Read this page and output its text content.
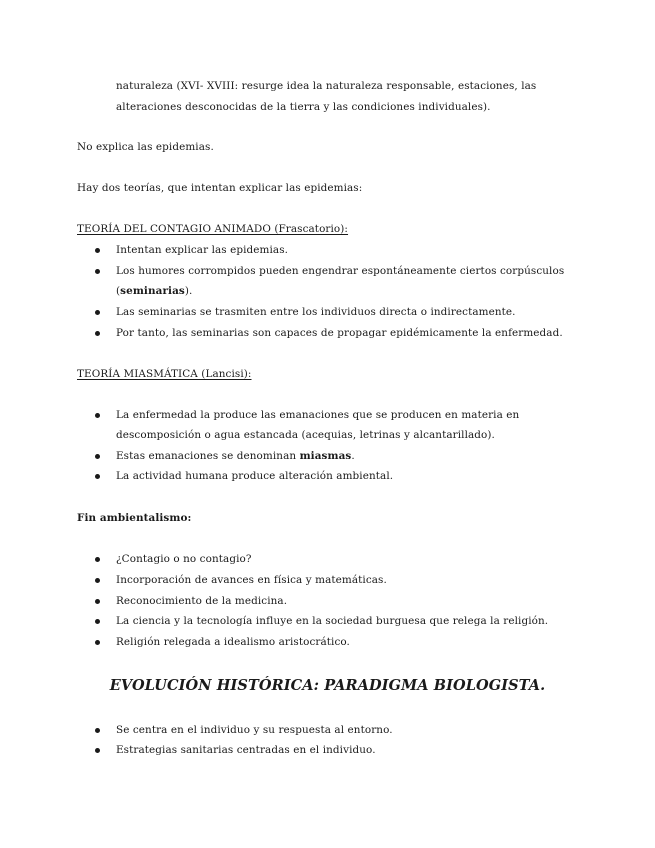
naturaleza (XVI- XVIII: resurge idea la naturaleza responsable, estaciones, las
alteraciones desconocidas de la tierra y las condiciones individuales).
No explica las epidemias.
Hay dos teorías, que intentan explicar las epidemias:
TEORÍA DEL CONTAGIO ANIMADO (Frascatorio):
Intentan explicar las epidemias.
Los humores corrompidos pueden engendrar espontáneamente ciertos corpúsculos
(seminarias).
Las seminarias se trasmiten entre los individuos directa o indirectamente.
Por tanto, las seminarias son capaces de propagar epidémicamente la enfermedad.
TEORÍA MIASMÁTICA (Lancisi):
La enfermedad la produce las emanaciones que se producen en materia en
descomposición o agua estancada (acequias, letrinas y alcantarillado).
Estas emanaciones se denominan miasmas.
La actividad humana produce alteración ambiental.
Fin ambientalismo:
¿Contagio o no contagio?
Incorporación de avances en física y matemáticas.
Reconocimiento de la medicina.
La ciencia y la tecnología influye en la sociedad burguesa que relega la religión.
Religión relegada a idealismo aristocrático.
EVOLUCIÓN HISTÓRICA: PARADIGMA BIOLOGISTA.
Se centra en el individuo y su respuesta al entorno.
Estrategias sanitarias centradas en el individuo.
